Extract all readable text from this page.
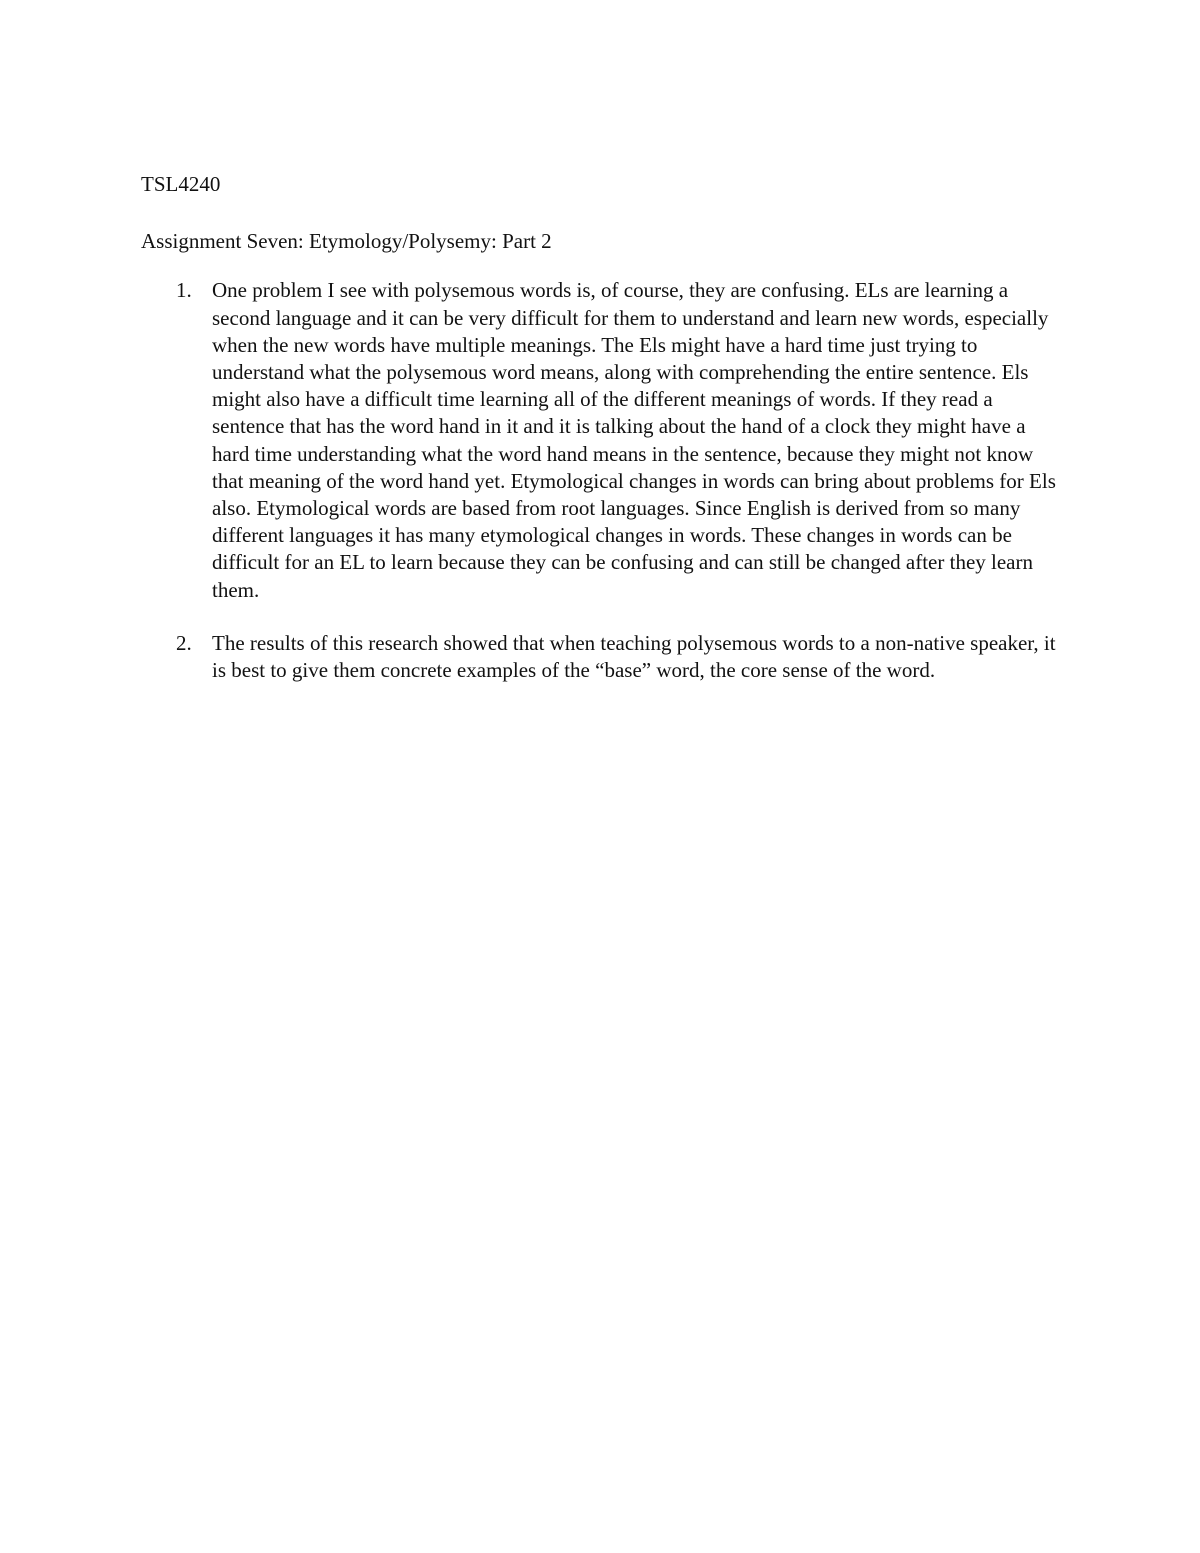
TSL4240

Assignment Seven: Etymology/Polysemy: Part 2

1. One problem I see with polysemous words is, of course, they are confusing. ELs are learning a second language and it can be very difficult for them to understand and learn new words, especially when the new words have multiple meanings. The Els might have a hard time just trying to understand what the polysemous word means, along with comprehending the entire sentence. Els might also have a difficult time learning all of the different meanings of words. If they read a sentence that has the word hand in it and it is talking about the hand of a clock they might have a hard time understanding what the word hand means in the sentence, because they might not know that meaning of the word hand yet. Etymological changes in words can bring about problems for Els also. Etymological words are based from root languages. Since English is derived from so many different languages it has many etymological changes in words. These changes in words can be difficult for an EL to learn because they can be confusing and can still be changed after they learn them.
2. The results of this research showed that when teaching polysemous words to a non-native speaker, it is best to give them concrete examples of the “base” word, the core sense of the word.
